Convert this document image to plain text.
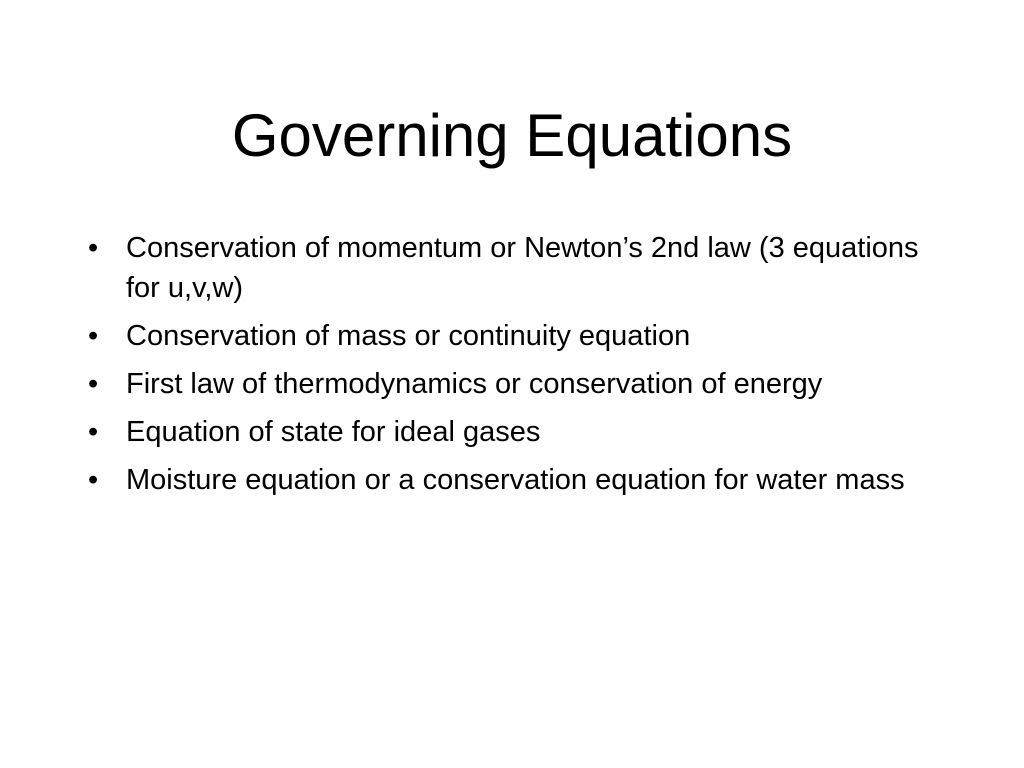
Governing Equations
• Conservation of momentum or Newton’s 2nd law (3 equations for u,v,w)
• Conservation of mass or continuity equation
• First law of thermodynamics or conservation of energy
• Equation of state for ideal gases
• Moisture equation or a conservation equation for water mass
